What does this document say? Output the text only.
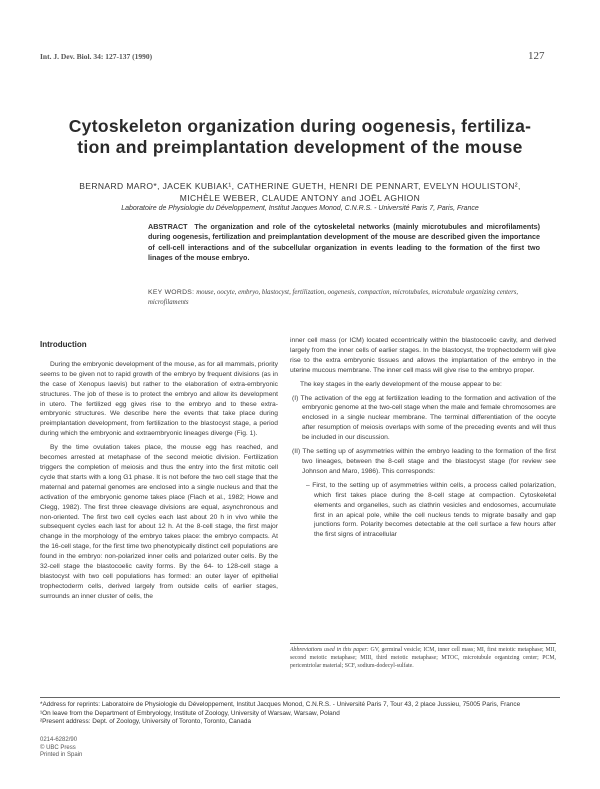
Int. J. Dev. Biol. 34: 127-137 (1990)	127
Cytoskeleton organization during oogenesis, fertiliza-
tion and preimplantation development of the mouse
BERNARD MARO*, JACEK KUBIAK¹, CATHERINE GUETH, HENRI DE PENNART, EVELYN HOULISTON²,
MICHÈLE WEBER, CLAUDE ANTONY and JOËL AGHION
Laboratoire de Physiologie du Développement, Institut Jacques Monod, C.N.R.S. - Université Paris 7, Paris, France
ABSTRACT The organization and role of the cytoskeletal networks (mainly microtubules and microfilaments) during oogenesis, fertilization and preimplantation development of the mouse are described given the importance of cell-cell interactions and of the subcellular organization in events leading to the formation of the first two linages of the mouse embryo.
KEY WORDS: mouse, oocyte, embryo, blastocyst, fertilization, oogenesis, compaction, microtubules, microtubule organizing centers, microfilaments
Introduction

During the embryonic development of the mouse, as for all mammals, priority seems to be given not to rapid growth of the embryo by frequent divisions (as in the case of Xenopus laevis) but rather to the elaboration of extra-embryonic structures. The job of these is to protect the embryo and allow its development in utero. The fertilized egg gives rise to the embryo and to these extra-embryonic structures. We describe here the events that take place during preimplantation development, from fertilization to the blastocyst stage, a period during which the embryonic and extraembryonic lineages diverge (Fig. 1).

By the time ovulation takes place, the mouse egg has reached, and becomes arrested at metaphase of the second meiotic division. Fertilization triggers the completion of meiosis and thus the entry into the first mitotic cell cycle that starts with a long G1 phase. It is not before the two cell stage that the maternal and paternal genomes are enclosed into a single nucleus and that the activation of the embryonic genome takes place (Flach et al., 1982; Howe and Clegg, 1982). The first three cleavage divisions are equal, asynchronous and non-oriented. The first two cell cycles each last about 20 h in vivo while the subsequent cycles each last for about 12 h. At the 8-cell stage, the first major change in the morphology of the embryo takes place: the embryo compacts. At the 16-cell stage, for the first time two phenotypically distinct cell populations are found in the embryo: non-polarized inner cells and polarized outer cells. By the 32-cell stage the blastocoelic cavity forms. By the 64- to 128-cell stage a blastocyst with two cell populations has formed: an outer layer of epithelial trophectoderm cells, derived largely from outside cells of earlier stages, surrounds an inner cluster of cells, the

inner cell mass (or ICM) located eccentrically within the blastocoelic cavity, and derived largely from the inner cells of earlier stages. In the blastocyst, the trophectoderm will give rise to the extra embryonic tissues and allows the implantation of the embryo in the uterine mucous membrane. The inner cell mass will give rise to the embryo proper.

The key stages in the early development of the mouse appear to be:

(I) The activation of the egg at fertilization leading to the formation and activation of the embryonic genome at the two-cell stage when the male and female chromosomes are enclosed in a single nuclear membrane. The terminal differentiation of the oocyte after resumption of meiosis overlaps with some of the preceding events and will thus be included in our discussion.

(II) The setting up of asymmetries within the embryo leading to the formation of the first two lineages, between the 8-cell stage and the blastocyst stage (for review see Johnson and Maro, 1986). This corresponds:

– First, to the setting up of asymmetries within cells, a process called polarization, which first takes place during the 8-cell stage at compaction. Cytoskeletal elements and organelles, such as clathrin vesicles and endosomes, accumulate first in an apical pole, while the cell nucleus tends to migrate basally and gap junctions form. Polarity becomes detectable at the cell surface a few hours after the first signs of intracellular

Abbreviations used in this paper: GV, germinal vesicle; ICM, inner cell mass; MI, first meiotic metaphase; MII, second meiotic metaphase; MIII, third meiotic metaphase; MTOC, microtubule organizing center; PCM, pericentriolar material; SCF, sodium-dodecyl-sulfate.
*Address for reprints: Laboratoire de Physiologie du Développement, Institut Jacques Monod, C.N.R.S. - Université Paris 7, Tour 43, 2 place Jussieu, 75005 Paris, France
¹On leave from the Department of Embryology, Institute of Zoology, University of Warsaw, Warsaw, Poland
²Present address: Dept. of Zoology, University of Toronto, Toronto, Canada
0214-6282/90
© UBC Press
Printed in Spain
